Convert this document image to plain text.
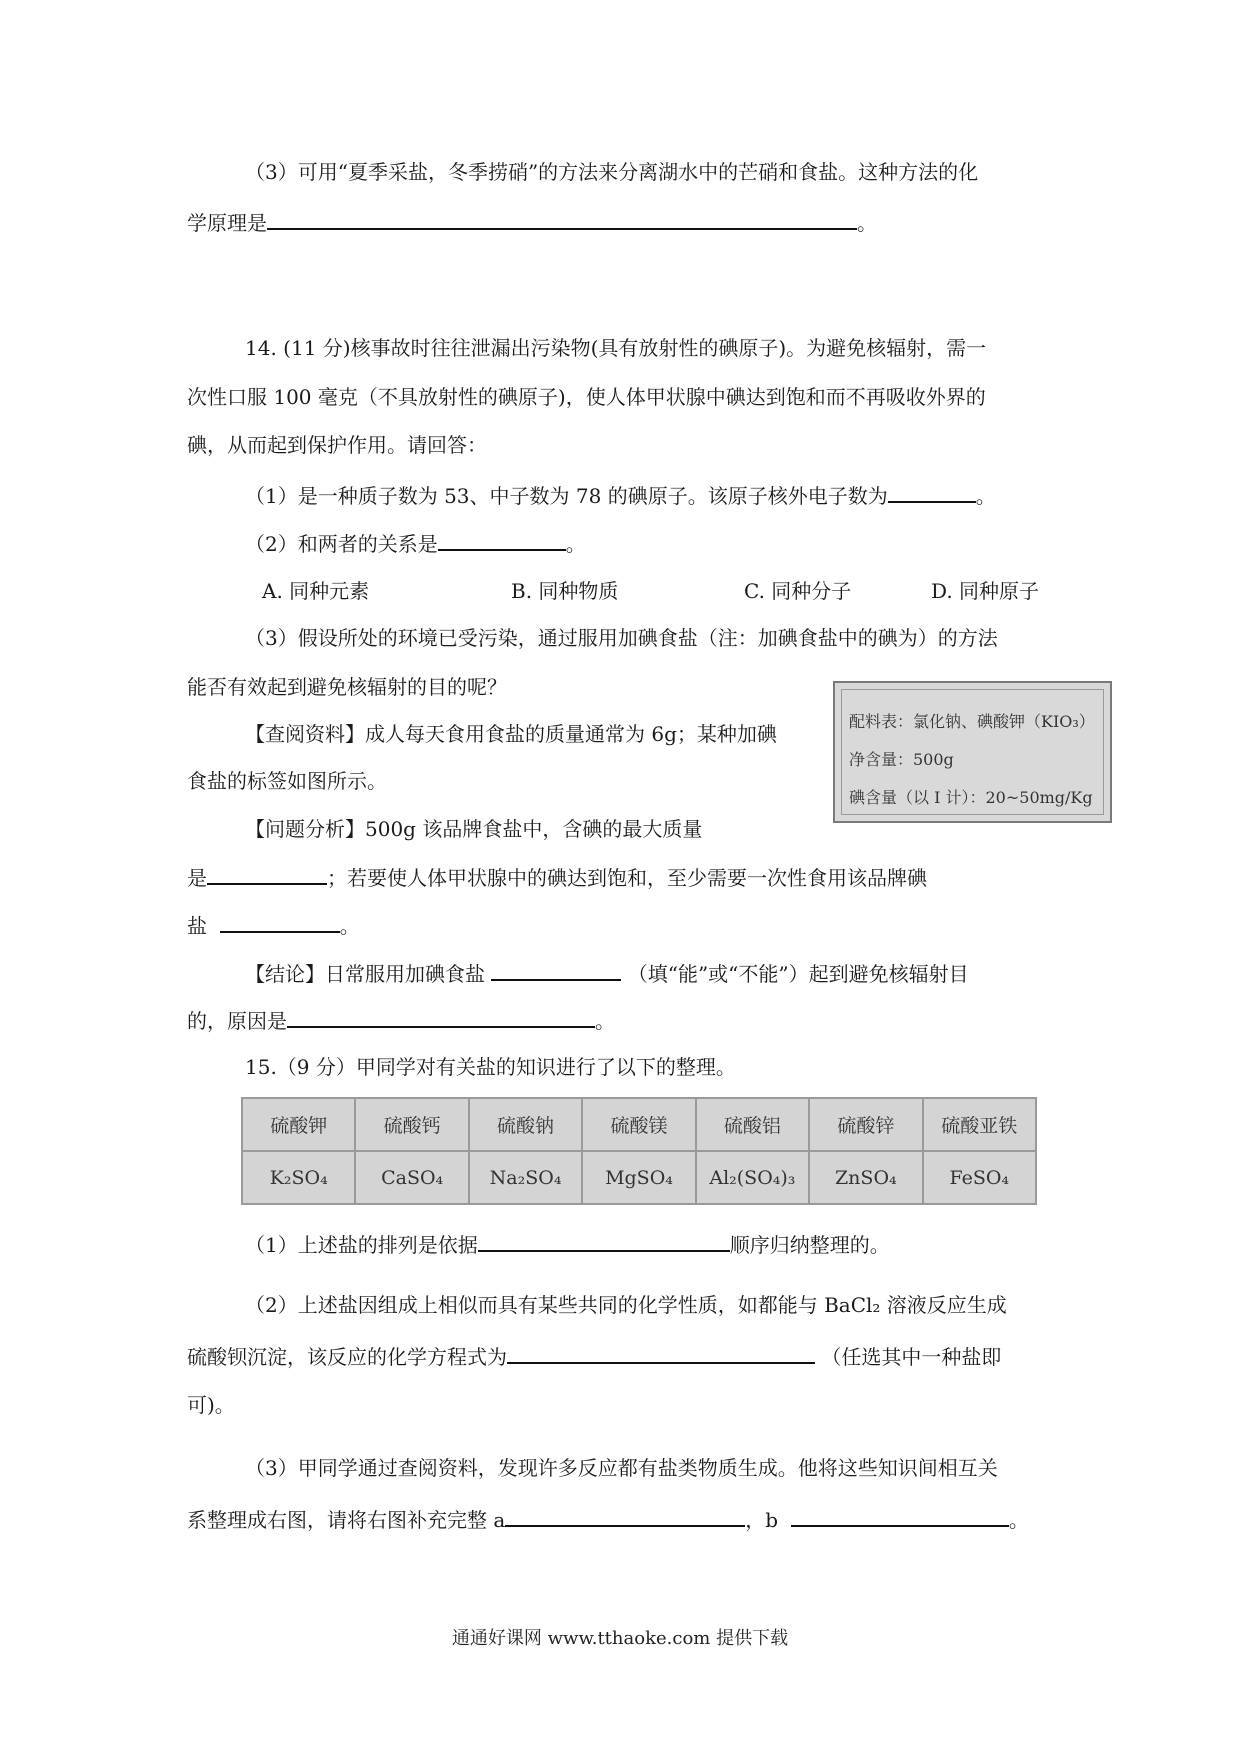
（3）可用“夏季采盐，冬季捞硝”的方法来分离湖水中的芒硝和食盐。这种方法的化
学原理是	。
14. (11 分)核事故时往往泄漏出污染物(具有放射性的碘原子)。为避免核辐射，需一
次性口服 100 毫克（不具放射性的碘原子)，使人体甲状腺中碘达到饱和而不再吸收外界的
碘，从而起到保护作用。请回答：
（1）是一种质子数为 53、中子数为 78 的碘原子。该原子核外电子数为	。
（2）和两者的关系是	。
A. 同种元素	B. 同种物质	C. 同种分子	D. 同种原子
（3）假设所处的环境已受污染，通过服用加碘食盐（注：加碘食盐中的碘为）的方法
能否有效起到避免核辐射的目的呢？
【查阅资料】成人每天食用食盐的质量通常为 6g；某种加碘
食盐的标签如图所示。
配料表：氯化钠、碘酸钾（KIO₃）
净含量：500g
碘含量（以 I 计）：20~50mg/Kg
【问题分析】500g 该品牌食盐中，含碘的最大质量
是	；若要使人体甲状腺中的碘达到饱和，至少需要一次性食用该品牌碘
盐	。
【结论】日常服用加碘食盐	（填“能”或“不能”）起到避免核辐射目
的，原因是	。
15.（9 分）甲同学对有关盐的知识进行了以下的整理。
硫酸钾	硫酸钙	硫酸钠	硫酸镁	硫酸铝	硫酸锌	硫酸亚铁
K₂SO₄	CaSO₄	Na₂SO₄	MgSO₄	Al₂(SO₄)₃	ZnSO₄	FeSO₄
（1）上述盐的排列是依据	顺序归纳整理的。
（2）上述盐因组成上相似而具有某些共同的化学性质，如都能与 BaCl₂ 溶液反应生成
硫酸钡沉淀，该反应的化学方程式为	（任选其中一种盐即
可)。
（3）甲同学通过查阅资料，发现许多反应都有盐类物质生成。他将这些知识间相互关
系整理成右图，请将右图补充完整 a	，b	。
通通好课网 www.tthaoke.com 提供下载
